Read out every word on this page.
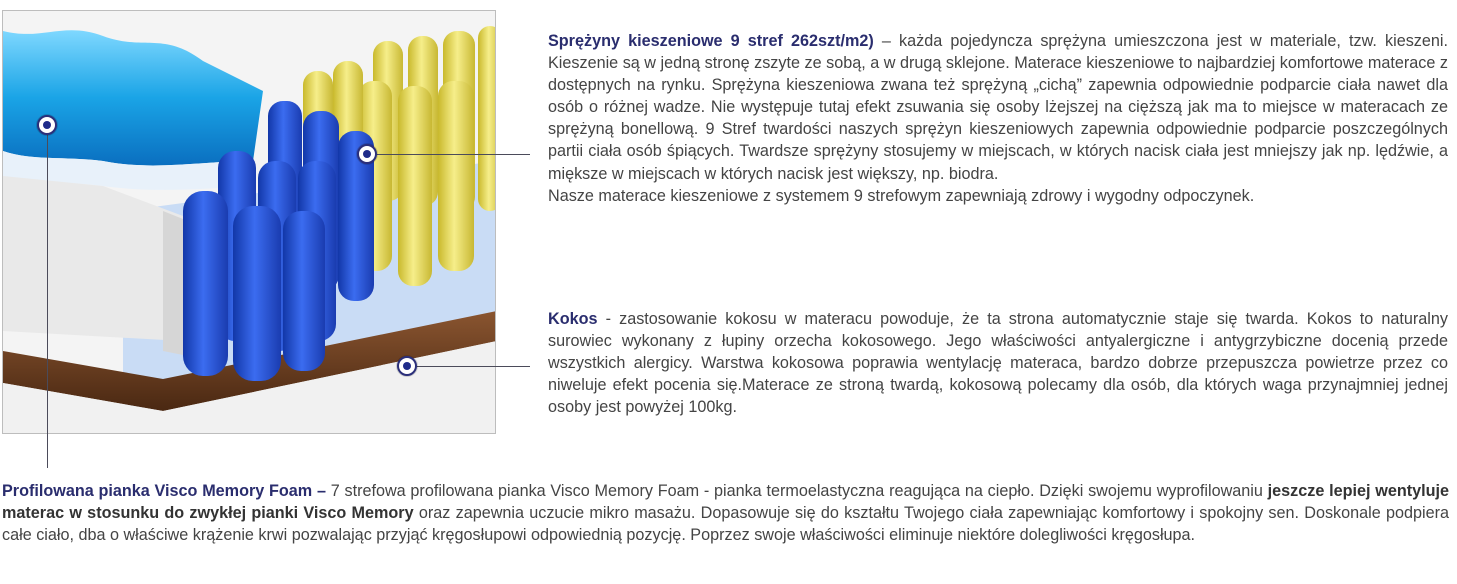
Sprężyny kieszeniowe 9 stref 262szt/m2) – każda pojedyncza sprężyna umieszczona jest w materiale, tzw. kieszeni. Kieszenie są w jedną stronę zszyte ze sobą, a w drugą sklejone. Materace kieszeniowe to najbardziej komfortowe materace z dostępnych na rynku. Sprężyna kieszeniowa zwana też sprężyną „cichą” zapewnia odpowiednie podparcie ciała nawet dla osób o różnej wadze. Nie występuje tutaj efekt zsuwania się osoby lżejszej na cięższą jak ma to miejsce w materacach ze sprężyną bonellową. 9 Stref twardości naszych sprężyn kieszeniowych zapewnia odpowiednie podparcie poszczególnych partii ciała osób śpiących. Twardsze sprężyny stosujemy w miejscach, w których nacisk ciała jest mniejszy jak np. lędźwie, a miększe w miejscach w których nacisk jest większy, np. biodra.

Nasze materace kieszeniowe z systemem 9 strefowym zapewniają zdrowy i wygodny odpoczynek.

Kokos - zastosowanie kokosu w materacu powoduje, że ta strona automatycznie staje się twarda. Kokos to naturalny surowiec wykonany z łupiny orzecha kokosowego. Jego właściwości antyalergiczne i antygrzybiczne docenią przede wszystkich alergicy. Warstwa kokosowa poprawia wentylację materaca, bardzo dobrze przepuszcza powietrze przez co niweluje efekt pocenia się.Materace ze stroną twardą, kokosową polecamy dla osób, dla których waga przynajmniej jednej osoby jest powyżej 100kg.

Profilowana pianka Visco Memory Foam – 7 strefowa profilowana pianka Visco Memory Foam - pianka termoelastyczna reagująca na ciepło. Dzięki swojemu wyprofilowaniu jeszcze lepiej wentyluje materac w stosunku do zwykłej pianki Visco Memory oraz zapewnia uczucie mikro masażu. Dopasowuje się do kształtu Twojego ciała zapewniając komfortowy i spokojny sen. Doskonale podpiera całe ciało, dba o właściwe krążenie krwi pozwalając przyjąć kręgosłupowi odpowiednią pozycję. Poprzez swoje właściwości eliminuje niektóre dolegliwości kręgosłupa.
